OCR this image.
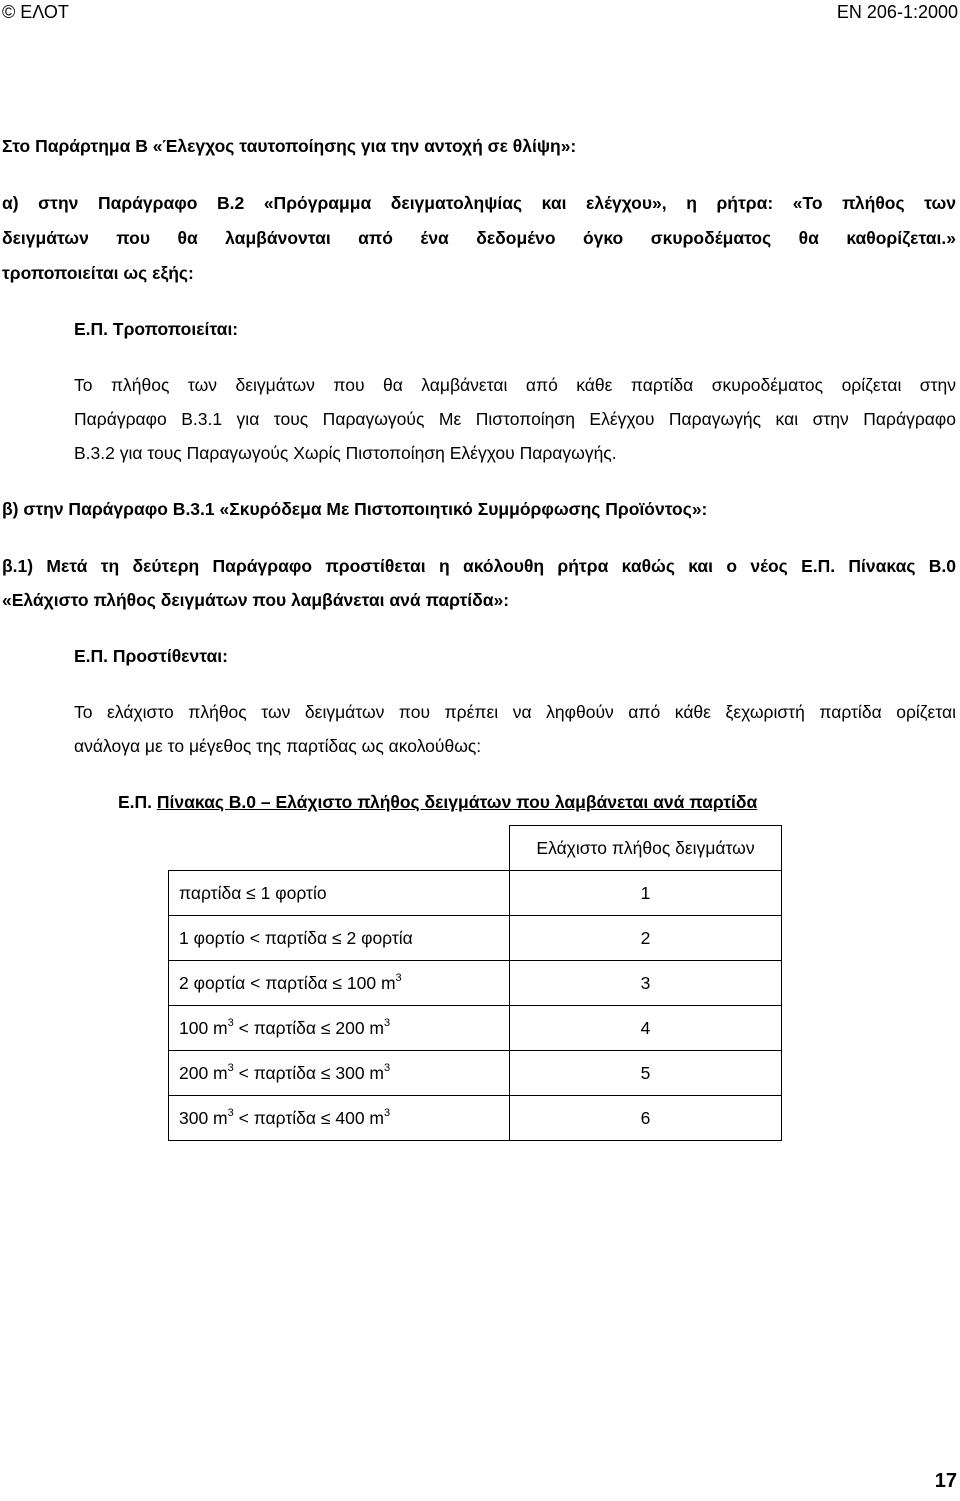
© ΕΛΟΤ	ΕΝ 206-1:2000
Στο Παράρτημα B «Έλεγχος ταυτοποίησης για την αντοχή σε θλίψη»:
α) στην Παράγραφο B.2 «Πρόγραμμα δειγματοληψίας και ελέγχου», η ρήτρα: «Το πλήθος των
δειγμάτων που θα λαμβάνονται από ένα δεδομένο όγκο σκυροδέματος θα καθορίζεται.»
τροποποιείται ως εξής:
Ε.Π. Τροποποιείται:
Το πλήθος των δειγμάτων που θα λαμβάνεται από κάθε παρτίδα σκυροδέματος ορίζεται στην
Παράγραφο B.3.1 για τους Παραγωγούς Με Πιστοποίηση Ελέγχου Παραγωγής και στην Παράγραφο
B.3.2 για τους Παραγωγούς Χωρίς Πιστοποίηση Ελέγχου Παραγωγής.
β) στην Παράγραφο B.3.1 «Σκυρόδεμα Με Πιστοποιητικό Συμμόρφωσης Προϊόντος»:
β.1) Μετά τη δεύτερη Παράγραφο προστίθεται η ακόλουθη ρήτρα καθώς και ο νέος Ε.Π. Πίνακας B.0
«Ελάχιστο πλήθος δειγμάτων που λαμβάνεται ανά παρτίδα»:
Ε.Π. Προστίθενται:
Το ελάχιστο πλήθος των δειγμάτων που πρέπει να ληφθούν από κάθε ξεχωριστή παρτίδα ορίζεται
ανάλογα με το μέγεθος της παρτίδας ως ακολούθως:
Ε.Π. Πίνακας B.0 – Ελάχιστο πλήθος δειγμάτων που λαμβάνεται ανά παρτίδα
	Ελάχιστο πλήθος δειγμάτων
παρτίδα ≤ 1 φορτίο	1
1 φορτίο < παρτίδα ≤ 2 φορτία	2
2 φορτία < παρτίδα ≤ 100 $m^3$	3
100 $m^3 < \pi\alpha\rho\tau ί\delta\alpha \le 200$ $m^3$	4
200 $m^3 < \pi\alpha\rho\tau ί\delta\alpha \le 300$ $m^3$	5
300 $m^3 < \pi\alpha\rho\tau ί\delta\alpha \le 400$ $m^3$	6
17
